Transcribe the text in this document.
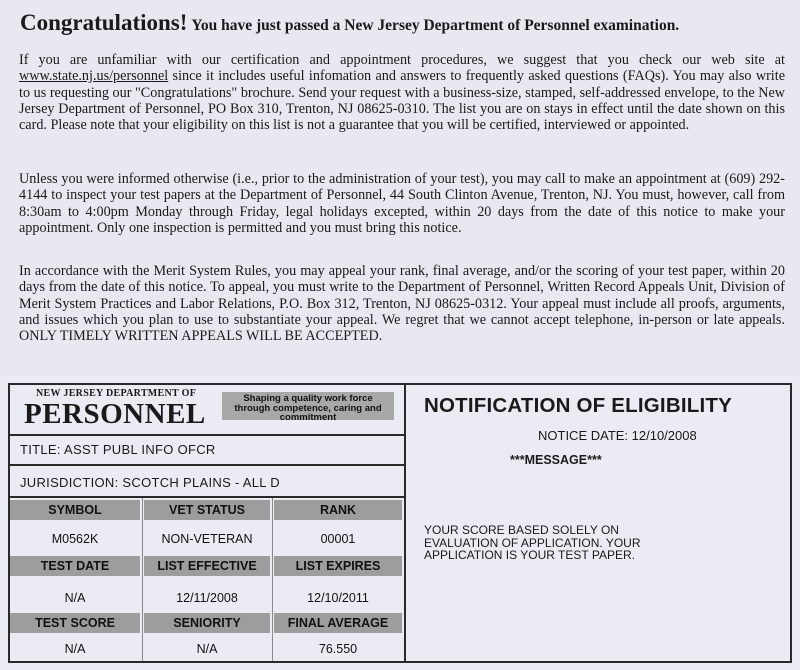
Congratulations! You have just passed a New Jersey Department of Personnel examination.

If you are unfamiliar with our certification and appointment procedures, we suggest that you check our web site at www.state.nj.us/personnel since it includes useful infomation and answers to frequently asked questions (FAQs). You may also write to us requesting our "Congratulations" brochure. Send your request with a business-size, stamped, self-addressed envelope, to the New Jersey Department of Personnel, PO Box 310, Trenton, NJ 08625-0310. The list you are on stays in effect until the date shown on this card. Please note that your eligibility on this list is not a guarantee that you will be certified, interviewed or appointed.

Unless you were informed otherwise (i.e., prior to the administration of your test), you may call to make an appointment at (609) 292-4144 to inspect your test papers at the Department of Personnel, 44 South Clinton Avenue, Trenton, NJ. You must, however, call from 8:30am to 4:00pm Monday through Friday, legal holidays excepted, within 20 days from the date of this notice to make your appointment. Only one inspection is permitted and you must bring this notice.

In accordance with the Merit System Rules, you may appeal your rank, final average, and/or the scoring of your test paper, within 20 days from the date of this notice. To appeal, you must write to the Department of Personnel, Written Record Appeals Unit, Division of Merit System Practices and Labor Relations, P.O. Box 312, Trenton, NJ 08625-0312. Your appeal must include all proofs, arguments, and issues which you plan to use to substantiate your appeal. We regret that we cannot accept telephone, in-person or late appeals. ONLY TIMELY WRITTEN APPEALS WILL BE ACCEPTED.

NEW JERSEY DEPARTMENT OF
PERSONNEL	Shaping a quality work force through competence, caring and commitment
TITLE: ASST PUBL INFO OFCR
JURISDICTION: SCOTCH PLAINS - ALL D
SYMBOL	VET STATUS	RANK
M0562K	NON-VETERAN	00001
TEST DATE	LIST EFFECTIVE	LIST EXPIRES
N/A	12/11/2008	12/10/2011
TEST SCORE	SENIORITY	FINAL AVERAGE
N/A	N/A	76.550
NOTIFICATION OF ELIGIBILITY
NOTICE DATE: 12/10/2008
***MESSAGE***

YOUR SCORE BASED SOLELY ON EVALUATION OF APPLICATION. YOUR APPLICATION IS YOUR TEST PAPER.
